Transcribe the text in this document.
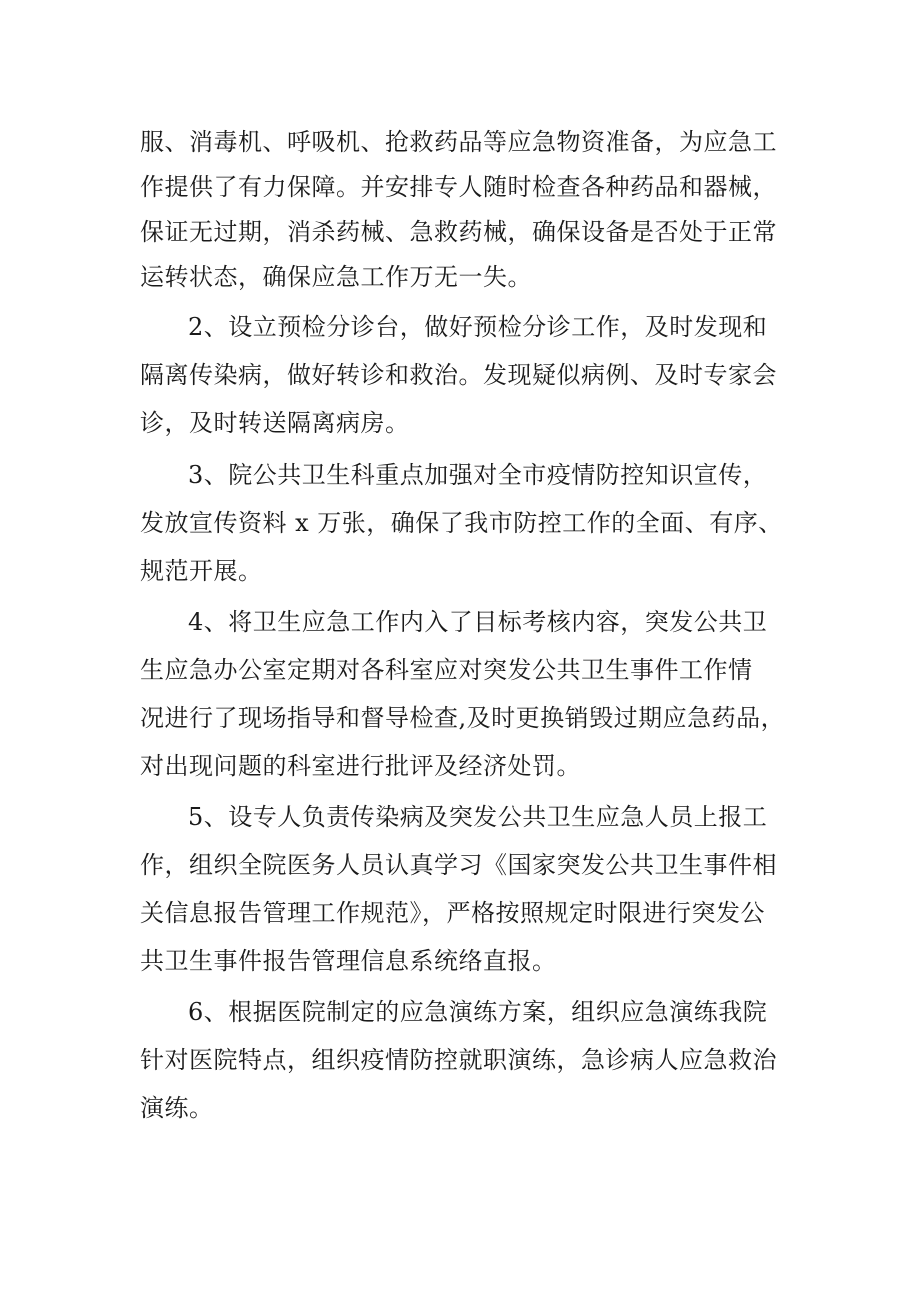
服、消毒机、呼吸机、抢救药品等应急物资准备，为应急工
作提供了有力保障。并安排专人随时检查各种药品和器械，
保证无过期，消杀药械、急救药械，确保设备是否处于正常
运转状态，确保应急工作万无一失。
2、设立预检分诊台，做好预检分诊工作，及时发现和
隔离传染病，做好转诊和救治。发现疑似病例、及时专家会
诊，及时转送隔离病房。
3、院公共卫生科重点加强对全市疫情防控知识宣传，
发放宣传资料 x 万张，确保了我市防控工作的全面、有序、
规范开展。
4、将卫生应急工作内入了目标考核内容，突发公共卫
生应急办公室定期对各科室应对突发公共卫生事件工作情
况进行了现场指导和督导检查,及时更换销毁过期应急药品，
对出现问题的科室进行批评及经济处罚。
5、设专人负责传染病及突发公共卫生应急人员上报工
作，组织全院医务人员认真学习《国家突发公共卫生事件相
关信息报告管理工作规范》，严格按照规定时限进行突发公
共卫生事件报告管理信息系统络直报。
6、根据医院制定的应急演练方案，组织应急演练我院
针对医院特点，组织疫情防控就职演练，急诊病人应急救治
演练。
